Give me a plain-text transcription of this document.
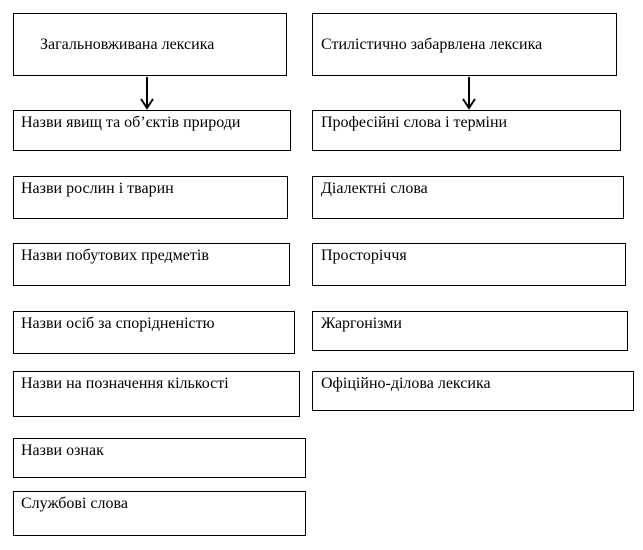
Загальновживана лексика	Стилістично забарвлена лексика
Назви явищ та об’єктів природи
Назви рослин і тварин
Назви побутових предметів
Назви осіб за спорідненістю
Назви на позначення кількості
Назви ознак
Службові слова
Професійні слова і терміни
Діалектні слова
Просторіччя
Жаргонізми
Офіційно-ділова лексика
